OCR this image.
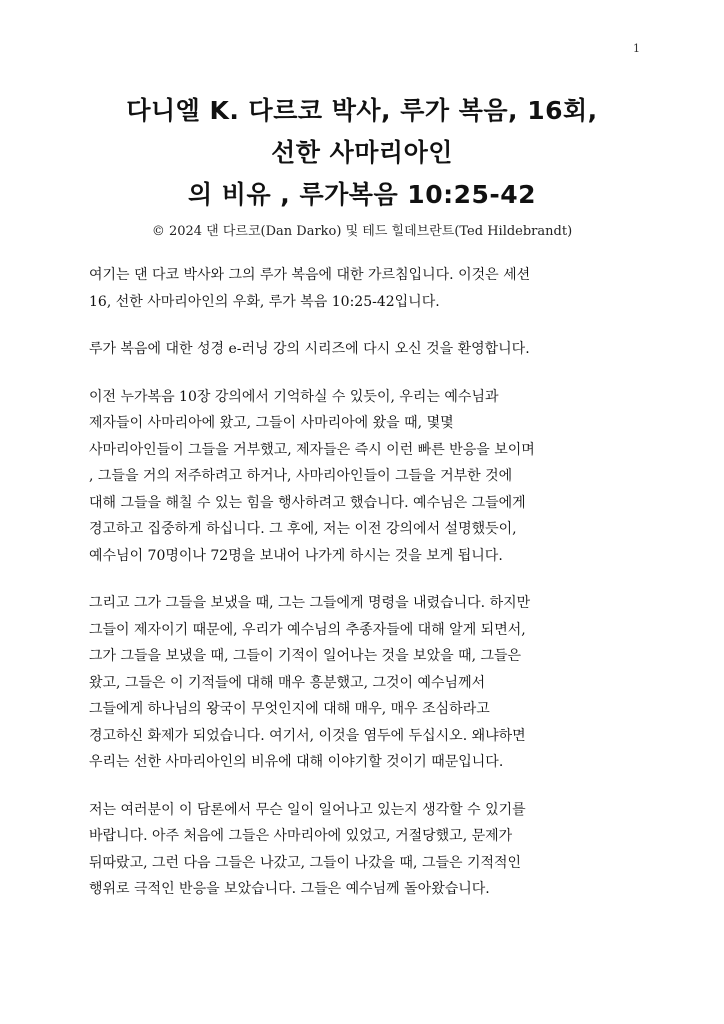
1
다니엘 K. 다르코 박사, 루가 복음, 16회,
선한 사마리아인
의 비유 , 루가복음 10:25-42
© 2024 댄 다르코(Dan Darko) 및 테드 힐데브란트(Ted Hildebrandt)

여기는 댄 다코 박사와 그의 루가 복음에 대한 가르침입니다. 이것은 세션
16, 선한 사마리아인의 우화, 루가 복음 10:25-42입니다.

루가 복음에 대한 성경 e-러닝 강의 시리즈에 다시 오신 것을 환영합니다.

이전 누가복음 10장 강의에서 기억하실 수 있듯이, 우리는 예수님과
제자들이 사마리아에 왔고, 그들이 사마리아에 왔을 때, 몇몇
사마리아인들이 그들을 거부했고, 제자들은 즉시 이런 빠른 반응을 보이며
, 그들을 거의 저주하려고 하거나, 사마리아인들이 그들을 거부한 것에
대해 그들을 해칠 수 있는 힘을 행사하려고 했습니다. 예수님은 그들에게
경고하고 집중하게 하십니다. 그 후에, 저는 이전 강의에서 설명했듯이,
예수님이 70명이나 72명을 보내어 나가게 하시는 것을 보게 됩니다.

그리고 그가 그들을 보냈을 때, 그는 그들에게 명령을 내렸습니다. 하지만
그들이 제자이기 때문에, 우리가 예수님의 추종자들에 대해 알게 되면서,
그가 그들을 보냈을 때, 그들이 기적이 일어나는 것을 보았을 때, 그들은
왔고, 그들은 이 기적들에 대해 매우 흥분했고, 그것이 예수님께서
그들에게 하나님의 왕국이 무엇인지에 대해 매우, 매우 조심하라고
경고하신 화제가 되었습니다. 여기서, 이것을 염두에 두십시오. 왜냐하면
우리는 선한 사마리아인의 비유에 대해 이야기할 것이기 때문입니다.

저는 여러분이 이 담론에서 무슨 일이 일어나고 있는지 생각할 수 있기를
바랍니다. 아주 처음에 그들은 사마리아에 있었고, 거절당했고, 문제가
뒤따랐고, 그런 다음 그들은 나갔고, 그들이 나갔을 때, 그들은 기적적인
행위로 극적인 반응을 보았습니다. 그들은 예수님께 돌아왔습니다.
